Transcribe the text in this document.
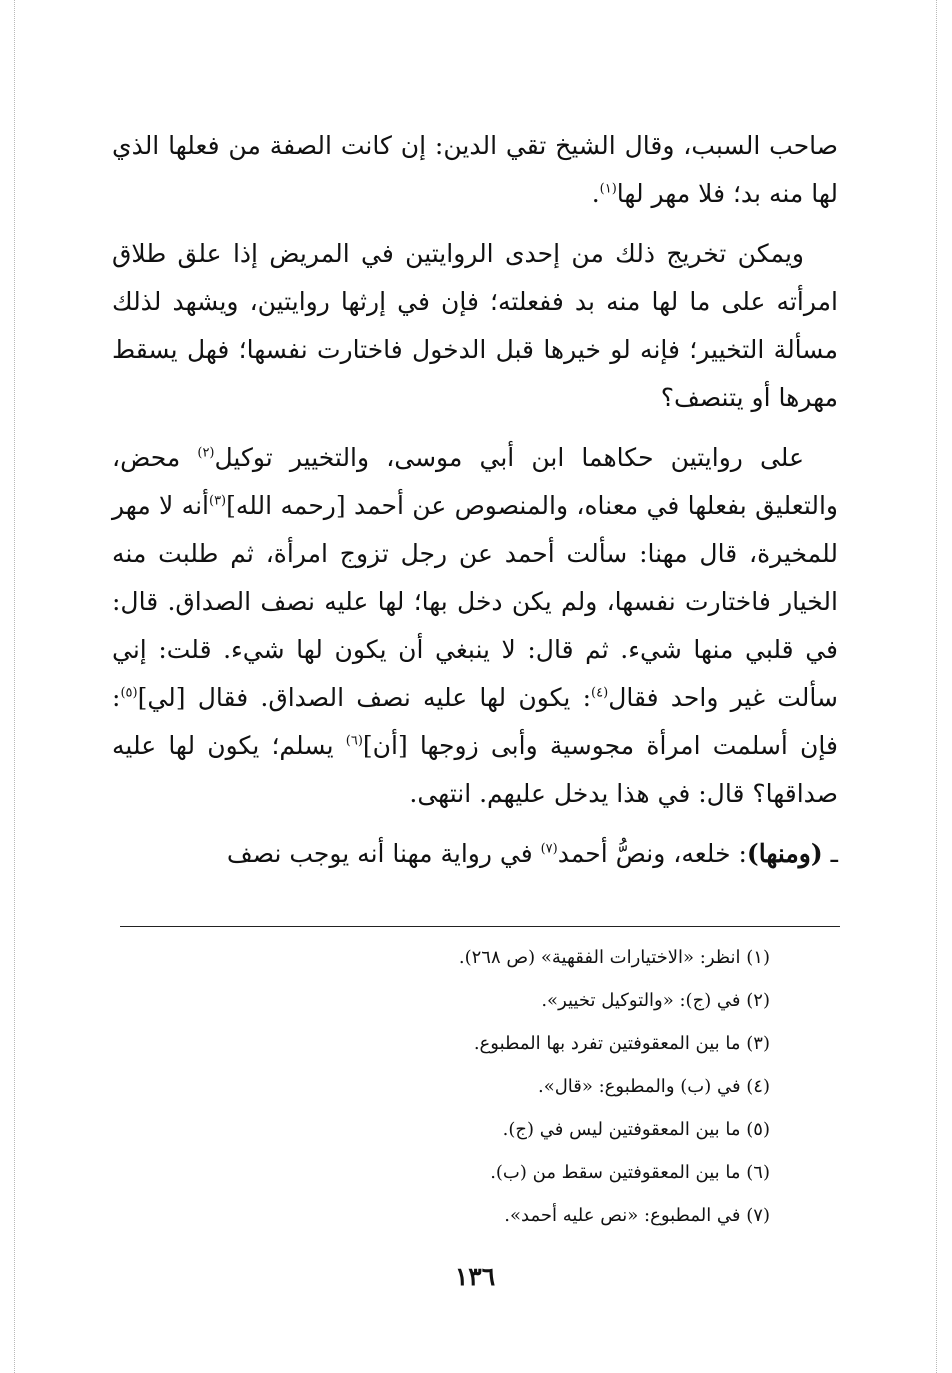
صاحب السبب، وقال الشيخ تقي الدين: إن كانت الصفة من فعلها الذي لها منه بد؛ فلا مهر لها$^{(١)}$.

ويمكن تخريج ذلك من إحدى الروايتين في المريض إذا علق طلاق امرأته على ما لها منه بد ففعلته؛ فإن في إرثها روايتين، ويشهد لذلك مسألة التخيير؛ فإنه لو خيرها قبل الدخول فاختارت نفسها؛ فهل يسقط مهرها أو يتنصف؟

على روايتين حكاهما ابن أبي موسى، والتخيير توكيل$^{(٢)}$ محض، والتعليق بفعلها في معناه، والمنصوص عن أحمد [رحمه الله]$^{(٣)}$أنه لا مهر للمخيرة، قال مهنا: سألت أحمد عن رجل تزوج امرأة، ثم طلبت منه الخيار فاختارت نفسها، ولم يكن دخل بها؛ لها عليه نصف الصداق. قال: في قلبي منها شيء. ثم قال: لا ينبغي أن يكون لها شيء. قلت: إني سألت غير واحد فقال$^{(٤)}$: يكون لها عليه نصف الصداق. فقال [لي]$^{(٥)}$: فإن أسلمت امرأة مجوسية وأبى زوجها [أن]$^{(٦)}$ يسلم؛ يكون لها عليه صداقها؟ قال: في هذا يدخل عليهم. انتهى.

ـ (ومنها): خلعه، ونصُّ أحمد$^{(٧)}$ في رواية مهنا أنه يوجب نصف

(١) انظر: «الاختيارات الفقهية» (ص ٢٦٨).

(٢) في (ج): «والتوكيل تخيير».

(٣) ما بين المعقوفتين تفرد بها المطبوع.

(٤) في (ب) والمطبوع: «قال».

(٥) ما بين المعقوفتين ليس في (ج).

(٦) ما بين المعقوفتين سقط من (ب).

(٧) في المطبوع: «نص عليه أحمد».

١٣٦
